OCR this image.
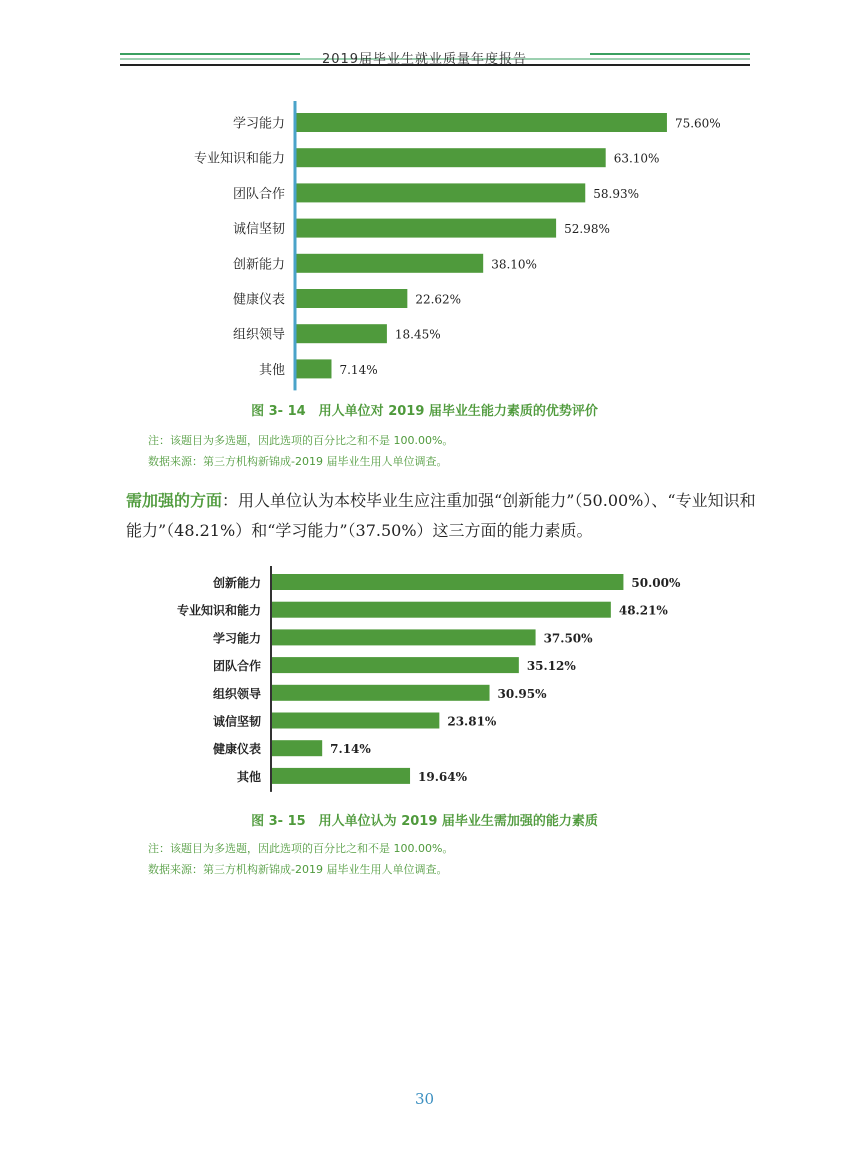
2019届毕业生就业质量年度报告
学习能力	75.60%
专业知识和能力	63.10%
团队合作	58.93%
诚信坚韧	52.98%
创新能力	38.10%
健康仪表	22.62%
组织领导	18.45%
其他	7.14%
图 3- 14　用人单位对 2019 届毕业生能力素质的优势评价
注：该题目为多选题，因此选项的百分比之和不是 100.00%。
数据来源：第三方机构新锦成-2019 届毕业生用人单位调查。
需加强的方面：用人单位认为本校毕业生应注重加强“创新能力”（50.00%）、“专业知识和能力”（48.21%）和“学习能力”（37.50%）这三方面的能力素质。
创新能力	50.00%
专业知识和能力	48.21%
学习能力	37.50%
团队合作	35.12%
组织领导	30.95%
诚信坚韧	23.81%
健康仪表	7.14%
其他	19.64%
图 3- 15　用人单位认为 2019 届毕业生需加强的能力素质
注：该题目为多选题，因此选项的百分比之和不是 100.00%。
数据来源：第三方机构新锦成-2019 届毕业生用人单位调查。
30
